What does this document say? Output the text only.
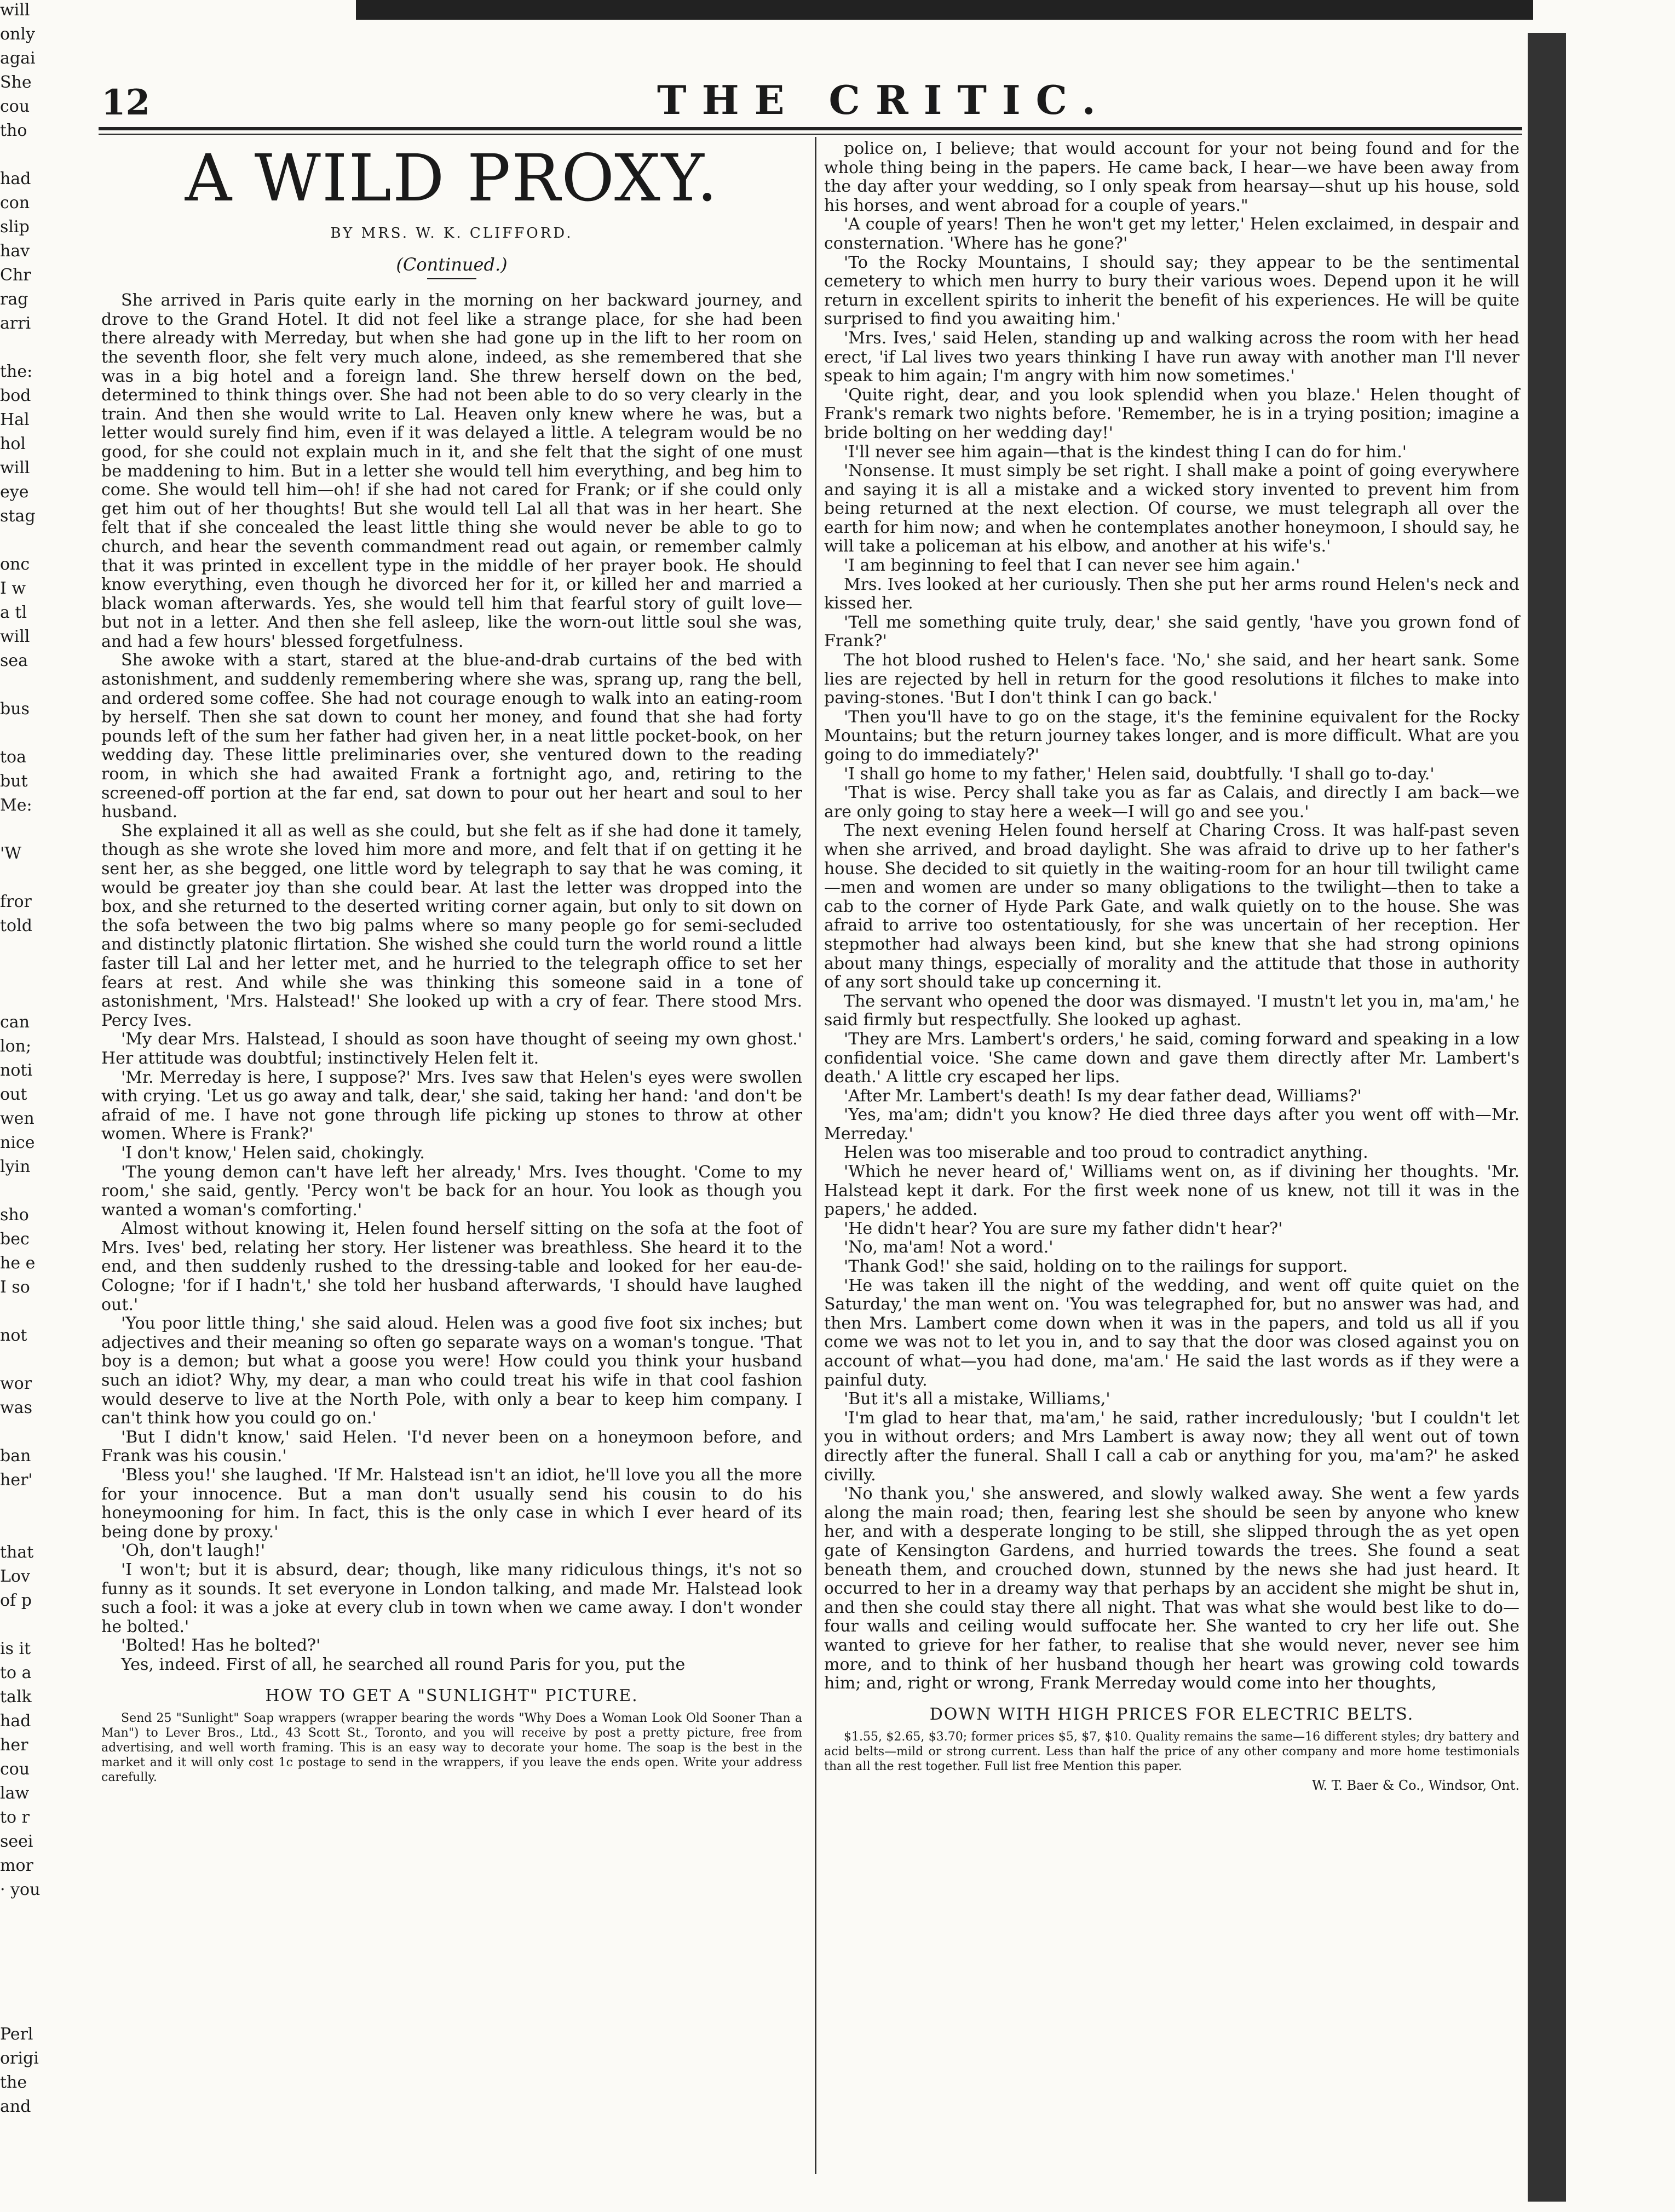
12	THE CRITIC.
A WILD PROXY.
BY MRS. W. K. CLIFFORD.
(Continued.)

She arrived in Paris quite early in the morning on her backward journey, and drove to the Grand Hotel. It did not feel like a strange place, for she had been there already with Merreday, but when she had gone up in the lift to her room on the seventh floor, she felt very much alone, indeed, as she remembered that she was in a big hotel and a foreign land. She threw herself down on the bed, determined to think things over. She had not been able to do so very clearly in the train. And then she would write to Lal. Heaven only knew where he was, but a letter would surely find him, even if it was delayed a little. A telegram would be no good, for she could not explain much in it, and she felt that the sight of one must be maddening to him. But in a letter she would tell him everything, and beg him to come. She would tell him—oh! if she had not cared for Frank; or if she could only get him out of her thoughts! But she would tell Lal all that was in her heart. She felt that if she concealed the least little thing she would never be able to go to church, and hear the seventh commandment read out again, or remember calmly that it was printed in excellent type in the middle of her prayer book. He should know everything, even though he divorced her for it, or killed her and married a black woman afterwards. Yes, she would tell him that fearful story of guilt love—but not in a letter. And then she fell asleep, like the worn-out little soul she was, and had a few hours' blessed forgetfulness.

She awoke with a start, stared at the blue-and-drab curtains of the bed with astonishment, and suddenly remembering where she was, sprang up, rang the bell, and ordered some coffee. She had not courage enough to walk into an eating-room by herself. Then she sat down to count her money, and found that she had forty pounds left of the sum her father had given her, in a neat little pocket-book, on her wedding day. These little preliminaries over, she ventured down to the reading room, in which she had awaited Frank a fortnight ago, and, retiring to the screened-off portion at the far end, sat down to pour out her heart and soul to her husband.

She explained it all as well as she could, but she felt as if she had done it tamely, though as she wrote she loved him more and more, and felt that if on getting it he sent her, as she begged, one little word by telegraph to say that he was coming, it would be greater joy than she could bear. At last the letter was dropped into the box, and she returned to the deserted writing corner again, but only to sit down on the sofa between the two big palms where so many people go for semi-secluded and distinctly platonic flirtation. She wished she could turn the world round a little faster till Lal and her letter met, and he hurried to the telegraph office to set her fears at rest. And while she was thinking this someone said in a tone of astonishment, 'Mrs. Halstead!' She looked up with a cry of fear. There stood Mrs. Percy Ives.

'My dear Mrs. Halstead, I should as soon have thought of seeing my own ghost.' Her attitude was doubtful; instinctively Helen felt it.

'Mr. Merreday is here, I suppose?' Mrs. Ives saw that Helen's eyes were swollen with crying. 'Let us go away and talk, dear,' she said, taking her hand: 'and don't be afraid of me. I have not gone through life picking up stones to throw at other women. Where is Frank?'

'I don't know,' Helen said, chokingly.

'The young demon can't have left her already,' Mrs. Ives thought. 'Come to my room,' she said, gently. 'Percy won't be back for an hour. You look as though you wanted a woman's comforting.'

Almost without knowing it, Helen found herself sitting on the sofa at the foot of Mrs. Ives' bed, relating her story. Her listener was breathless. She heard it to the end, and then suddenly rushed to the dressing-table and looked for her eau-de-Cologne; 'for if I hadn't,' she told her husband afterwards, 'I should have laughed out.'

'You poor little thing,' she said aloud. Helen was a good five foot six inches; but adjectives and their meaning so often go separate ways on a woman's tongue. 'That boy is a demon; but what a goose you were! How could you think your husband such an idiot? Why, my dear, a man who could treat his wife in that cool fashion would deserve to live at the North Pole, with only a bear to keep him company. I can't think how you could go on.'

'But I didn't know,' said Helen. 'I'd never been on a honeymoon before, and Frank was his cousin.'

'Bless you!' she laughed. 'If Mr. Halstead isn't an idiot, he'll love you all the more for your innocence. But a man don't usually send his cousin to do his honeymooning for him. In fact, this is the only case in which I ever heard of its being done by proxy.'

'Oh, don't laugh!'

'I won't; but it is absurd, dear; though, like many ridiculous things, it's not so funny as it sounds. It set everyone in London talking, and made Mr. Halstead look such a fool: it was a joke at every club in town when we came away. I don't wonder he bolted.'

'Bolted! Has he bolted?'

Yes, indeed. First of all, he searched all round Paris for you, put the

HOW TO GET A "SUNLIGHT" PICTURE.

Send 25 "Sunlight" Soap wrappers (wrapper bearing the words "Why Does a Woman Look Old Sooner Than a Man") to Lever Bros., Ltd., 43 Scott St., Toronto, and you will receive by post a pretty picture, free from advertising, and well worth framing. This is an easy way to decorate your home. The soap is the best in the market and it will only cost 1c postage to send in the wrappers, if you leave the ends open. Write your address carefully.

police on, I believe; that would account for your not being found and for the whole thing being in the papers. He came back, I hear—we have been away from the day after your wedding, so I only speak from hearsay—shut up his house, sold his horses, and went abroad for a couple of years."

'A couple of years! Then he won't get my letter,' Helen exclaimed, in despair and consternation. 'Where has he gone?'

'To the Rocky Mountains, I should say; they appear to be the sentimental cemetery to which men hurry to bury their various woes. Depend upon it he will return in excellent spirits to inherit the benefit of his experiences. He will be quite surprised to find you awaiting him.'

'Mrs. Ives,' said Helen, standing up and walking across the room with her head erect, 'if Lal lives two years thinking I have run away with another man I'll never speak to him again; I'm angry with him now sometimes.'

'Quite right, dear, and you look splendid when you blaze.' Helen thought of Frank's remark two nights before. 'Remember, he is in a trying position; imagine a bride bolting on her wedding day!'

'I'll never see him again—that is the kindest thing I can do for him.'

'Nonsense. It must simply be set right. I shall make a point of going everywhere and saying it is all a mistake and a wicked story invented to prevent him from being returned at the next election. Of course, we must telegraph all over the earth for him now; and when he contemplates another honeymoon, I should say, he will take a policeman at his elbow, and another at his wife's.'

'I am beginning to feel that I can never see him again.'

Mrs. Ives looked at her curiously. Then she put her arms round Helen's neck and kissed her.

'Tell me something quite truly, dear,' she said gently, 'have you grown fond of Frank?'

The hot blood rushed to Helen's face. 'No,' she said, and her heart sank. Some lies are rejected by hell in return for the good resolutions it filches to make into paving-stones. 'But I don't think I can go back.'

'Then you'll have to go on the stage, it's the feminine equivalent for the Rocky Mountains; but the return journey takes longer, and is more difficult. What are you going to do immediately?'

'I shall go home to my father,' Helen said, doubtfully. 'I shall go to-day.'

'That is wise. Percy shall take you as far as Calais, and directly I am back—we are only going to stay here a week—I will go and see you.'

The next evening Helen found herself at Charing Cross. It was half-past seven when she arrived, and broad daylight. She was afraid to drive up to her father's house. She decided to sit quietly in the waiting-room for an hour till twilight came—men and women are under so many obligations to the twilight—then to take a cab to the corner of Hyde Park Gate, and walk quietly on to the house. She was afraid to arrive too ostentatiously, for she was uncertain of her reception. Her stepmother had always been kind, but she knew that she had strong opinions about many things, especially of morality and the attitude that those in authority of any sort should take up concerning it.

The servant who opened the door was dismayed. 'I mustn't let you in, ma'am,' he said firmly but respectfully. She looked up aghast.

'They are Mrs. Lambert's orders,' he said, coming forward and speaking in a low confidential voice. 'She came down and gave them directly after Mr. Lambert's death.' A little cry escaped her lips.

'After Mr. Lambert's death! Is my dear father dead, Williams?'

'Yes, ma'am; didn't you know? He died three days after you went off with—Mr. Merreday.'

Helen was too miserable and too proud to contradict anything.

'Which he never heard of,' Williams went on, as if divining her thoughts. 'Mr. Halstead kept it dark. For the first week none of us knew, not till it was in the papers,' he added.

'He didn't hear? You are sure my father didn't hear?'

'No, ma'am! Not a word.'

'Thank God!' she said, holding on to the railings for support.

'He was taken ill the night of the wedding, and went off quite quiet on the Saturday,' the man went on. 'You was telegraphed for, but no answer was had, and then Mrs. Lambert come down when it was in the papers, and told us all if you come we was not to let you in, and to say that the door was closed against you on account of what—you had done, ma'am.' He said the last words as if they were a painful duty.

'But it's all a mistake, Williams,'

'I'm glad to hear that, ma'am,' he said, rather incredulously; 'but I couldn't let you in without orders; and Mrs Lambert is away now; they all went out of town directly after the funeral. Shall I call a cab or anything for you, ma'am?' he asked civilly.

'No thank you,' she answered, and slowly walked away. She went a few yards along the main road; then, fearing lest she should be seen by anyone who knew her, and with a desperate longing to be still, she slipped through the as yet open gate of Kensington Gardens, and hurried towards the trees. She found a seat beneath them, and crouched down, stunned by the news she had just heard. It occurred to her in a dreamy way that perhaps by an accident she might be shut in, and then she could stay there all night. That was what she would best like to do—four walls and ceiling would suffocate her. She wanted to cry her life out. She wanted to grieve for her father, to realise that she would never, never see him more, and to think of her husband though her heart was growing cold towards him; and, right or wrong, Frank Merreday would come into her thoughts,

DOWN WITH HIGH PRICES FOR ELECTRIC BELTS.

$1.55, $2.65, $3.70; former prices $5, $7, $10. Quality remains the same—16 different styles; dry battery and acid belts—mild or strong current. Less than half the price of any other company and more home testimonials than all the rest together. Full list free Mention this paper.

W. T. Baer & Co., Windsor, Ont.

will

only

agai

She

cou

tho

had

con

slip

hav

Chr

rag

arri

the:

bod

Hal

hol

will

eye

stag

onc

I w

a tl

will

sea

bus

toa

but

Me:

'W

fror

told

can

lon;

noti

out

wen

nice

lyin

sho

bec

he e

I so

not

wor

was

ban

her'

that

Lov

of p

is it

to a

talk

had

her

cou

law

to r

seei

mor

· you

Perl

origi

the

and
